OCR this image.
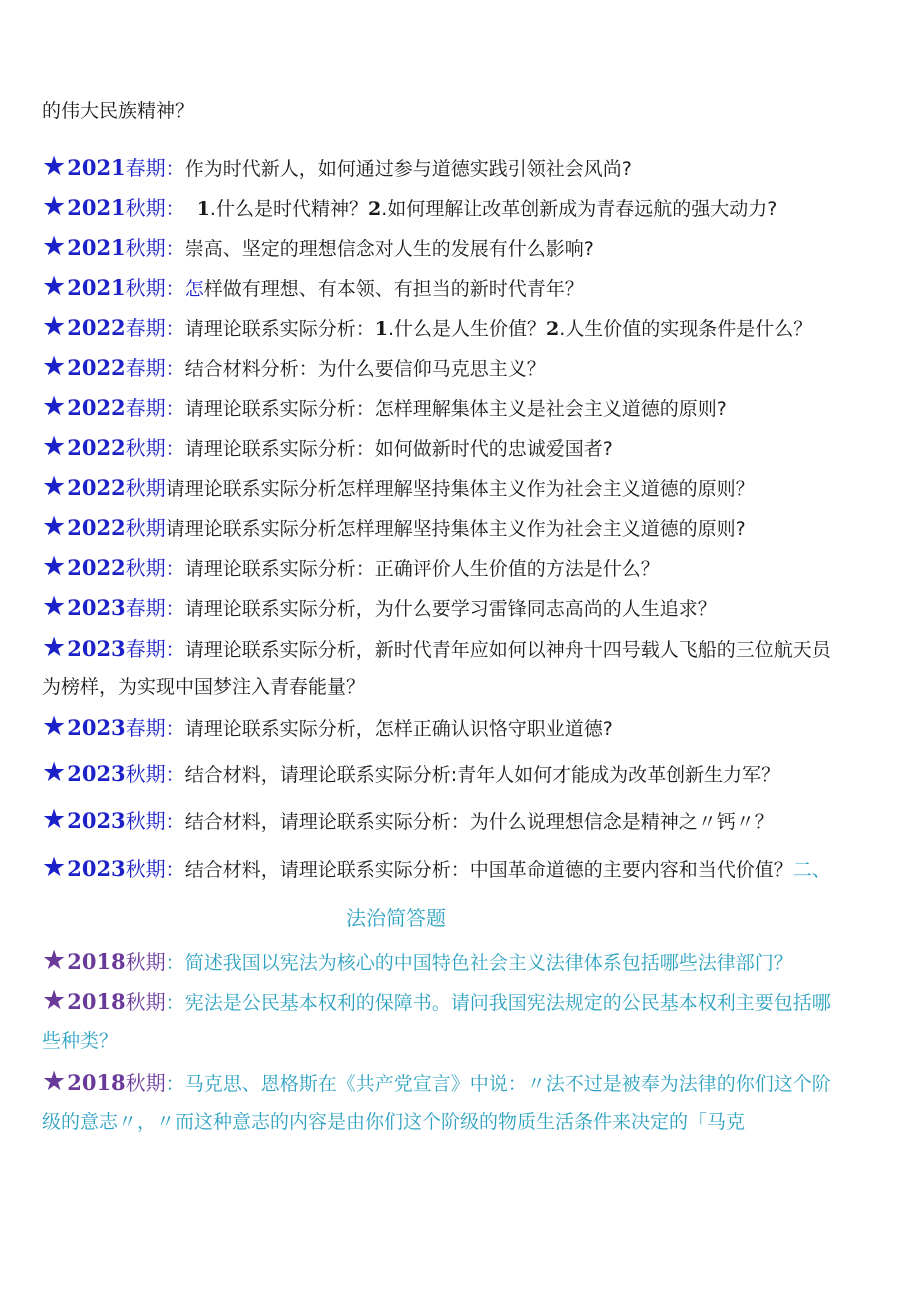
的伟大民族精神？
★ 2021 春期 ： 作为时代新人，如何通过参与道德实践引领社会风尚?
★ 2021 秋期 ： 1 .什么是时代精神？ 2 .如何理解让改革创新成为青春远航的强大动力?
★ 2021 秋期 ： 崇高、坚定的理想信念对人生的发展有什么影响?
★ 2021 秋期 ： 怎 样做有理想、有本领、有担当的新时代青年？
★ 2022 春期 ： 请理论联系实际分析： 1 .什么是人生价值？ 2 .人生价值的实现条件是什么？
★ 2022 春期 ： 结合材料分析：为什么要信仰马克思主义？
★ 2022 春期 ： 请理论联系实际分析：怎样理解集体主义是社会主义道德的原则?
★ 2022 秋期 ： 请理论联系实际分析：如何做新时代的忠诚爱国者?
★ 2022 秋期 请理论联系实际分析怎样理解坚持集体主义作为社会主义道德的原则？
★ 2022 秋期 请理论联系实际分析怎样理解坚持集体主义作为社会主义道德的原则?
★ 2022 秋期 ： 请理论联系实际分析：正确评价人生价值的方法是什么？
★ 2023 春期 ： 请理论联系实际分析，为什么要学习雷锋同志高尚的人生追求？
★ 2023 春期 ： 请理论联系实际分析，新时代青年应如何以神舟十四号载人飞船的三位航天员
为榜样，为实现中国梦注入青春能量？
★ 2023 春期 ： 请理论联系实际分析，怎样正确认识恪守职业道德?
★ 2023 秋期 ： 结合材料，请理论联系实际分析:青年人如何才能成为改革创新生力军？
★ 2023 秋期 ： 结合材料，请理论联系实际分析：为什么说理想信念是精神之〃钙〃？
★ 2023 秋期 ： 结合材料，请理论联系实际分析：中国革命道德的主要内容和当代价值？ 二、
法治简答题
★ 2018 秋期 ： 简述我国以宪法为核心的中国特色社会主义法律体系包括哪些法律部门？
★ 2018 秋期 ： 宪法是公民基本权利的保障书。请问我国宪法规定的公民基本权利主要包括哪
些种类？
★ 2018 秋期 ： 马克思、恩格斯在《共产党宣言》中说：〃法不过是被奉为法律的你们这个阶
级的意志〃，〃而这种意志的内容是由你们这个阶级的物质生活条件来决定的「马克
